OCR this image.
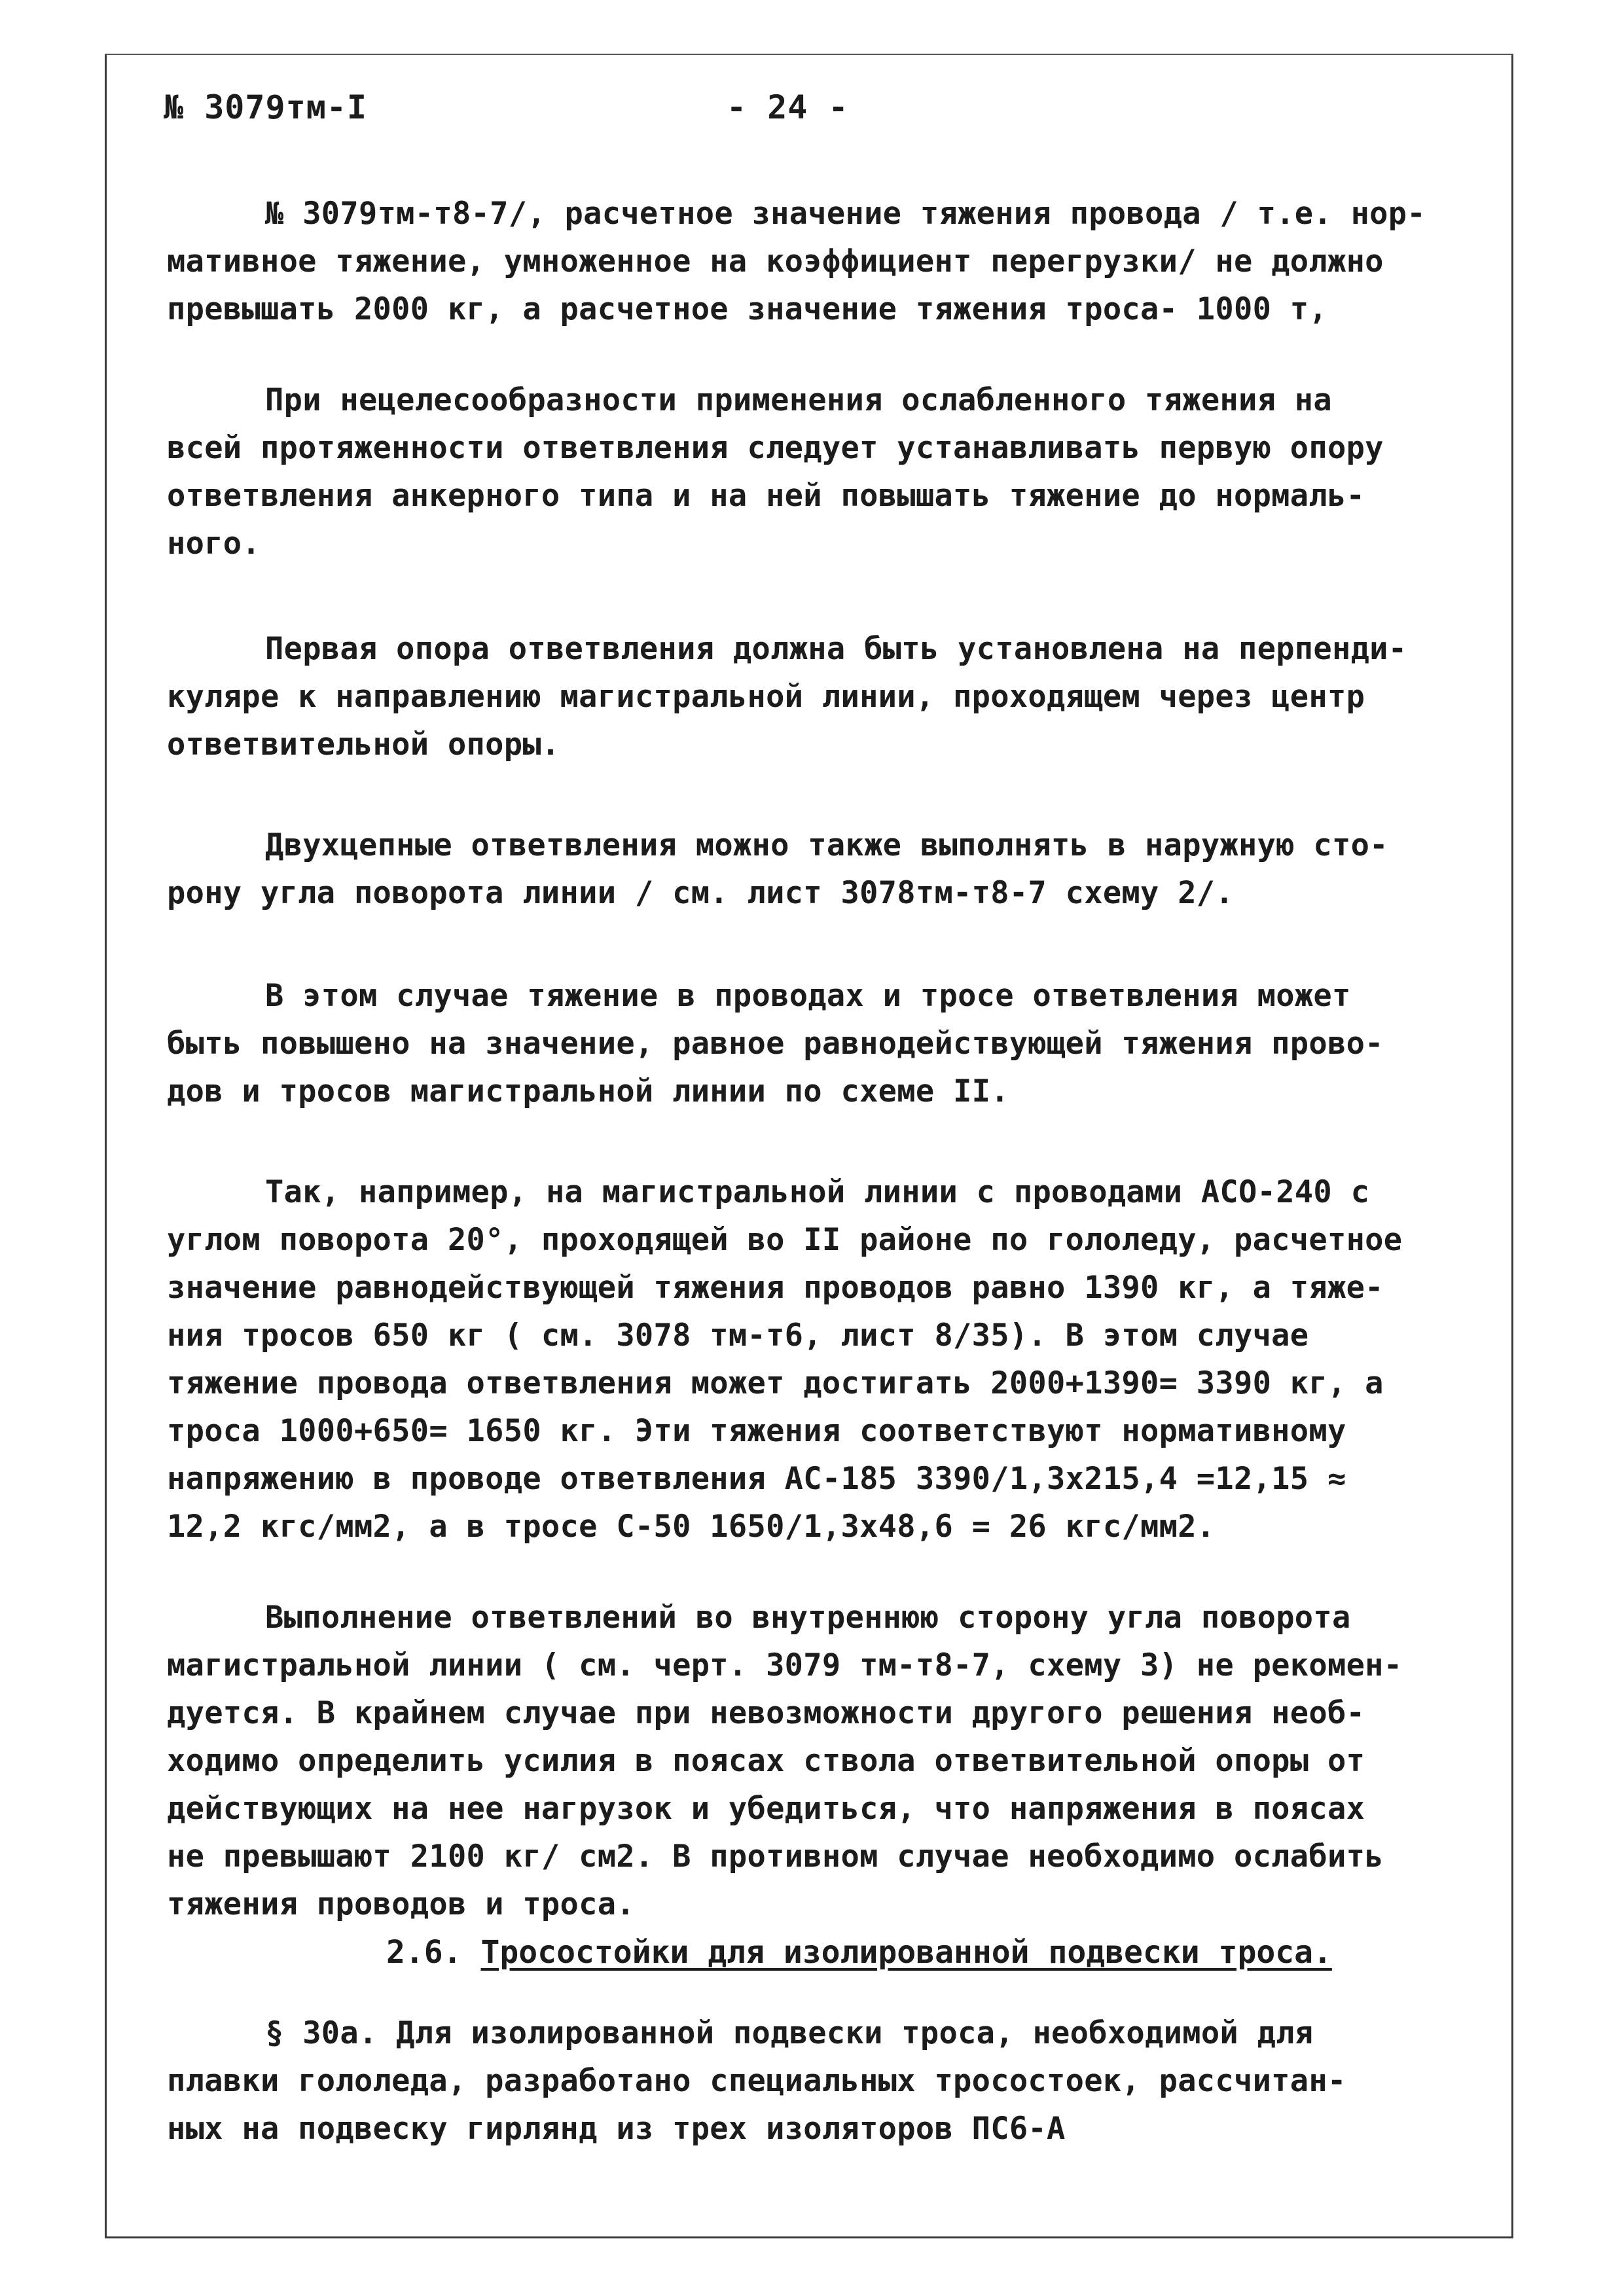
№ 3079тм-I	- 24 -
№ 3079тм-т8-7/, расчетное значение тяжения провода / т.е. нор-
мативное тяжение, умноженное на коэффициент перегрузки/ не должно
превышать 2000 кг, а расчетное значение тяжения троса- 1000 т,
При нецелесообразности применения ослабленного тяжения на
всей протяженности ответвления следует устанавливать первую опору
ответвления анкерного типа и на ней повышать тяжение до нормаль-
ного.
Первая опора ответвления должна быть установлена на перпенди-
куляре к направлению магистральной линии, проходящем через центр
ответвительной опоры.
Двухцепные ответвления можно также выполнять в наружную сто-
рону угла поворота линии / см. лист 3078тм-т8-7 схему 2/.
В этом случае тяжение в проводах и тросе ответвления может
быть повышено на значение, равное равнодействующей тяжения прово-
дов и тросов магистральной линии по схеме II.
Так, например, на магистральной линии с проводами АСО-240 с
углом поворота 20°, проходящей во II районе по гололеду, расчетное
значение равнодействующей тяжения проводов равно 1390 кг, а тяже-
ния тросов 650 кг ( см. 3078 тм-т6, лист 8/35). В этом случае
тяжение провода ответвления может достигать 2000+1390= 3390 кг, а
троса 1000+650= 1650 кг. Эти тяжения соответствуют нормативному
напряжению в проводе ответвления АС-185 3390/1,3х215,4 =12,15 ≈
12,2 кгс/мм2, а в тросе С-50 1650/1,3х48,6 = 26 кгс/мм2.
Выполнение ответвлений во внутреннюю сторону угла поворота
магистральной линии ( см. черт. 3079 тм-т8-7, схему 3) не рекомен-
дуется. В крайнем случае при невозможности другого решения необ-
ходимо определить усилия в поясах ствола ответвительной опоры от
действующих на нее нагрузок и убедиться, что напряжения в поясах
не превышают 2100 кг/ см2. В противном случае необходимо ослабить
тяжения проводов и троса.
2.6. Тросостойки для изолированной подвески троса.
§ 30а. Для изолированной подвески троса, необходимой для
плавки гололеда, разработано специальных тросостоек, рассчитан-
ных на подвеску гирлянд из трех изоляторов ПС6-А
